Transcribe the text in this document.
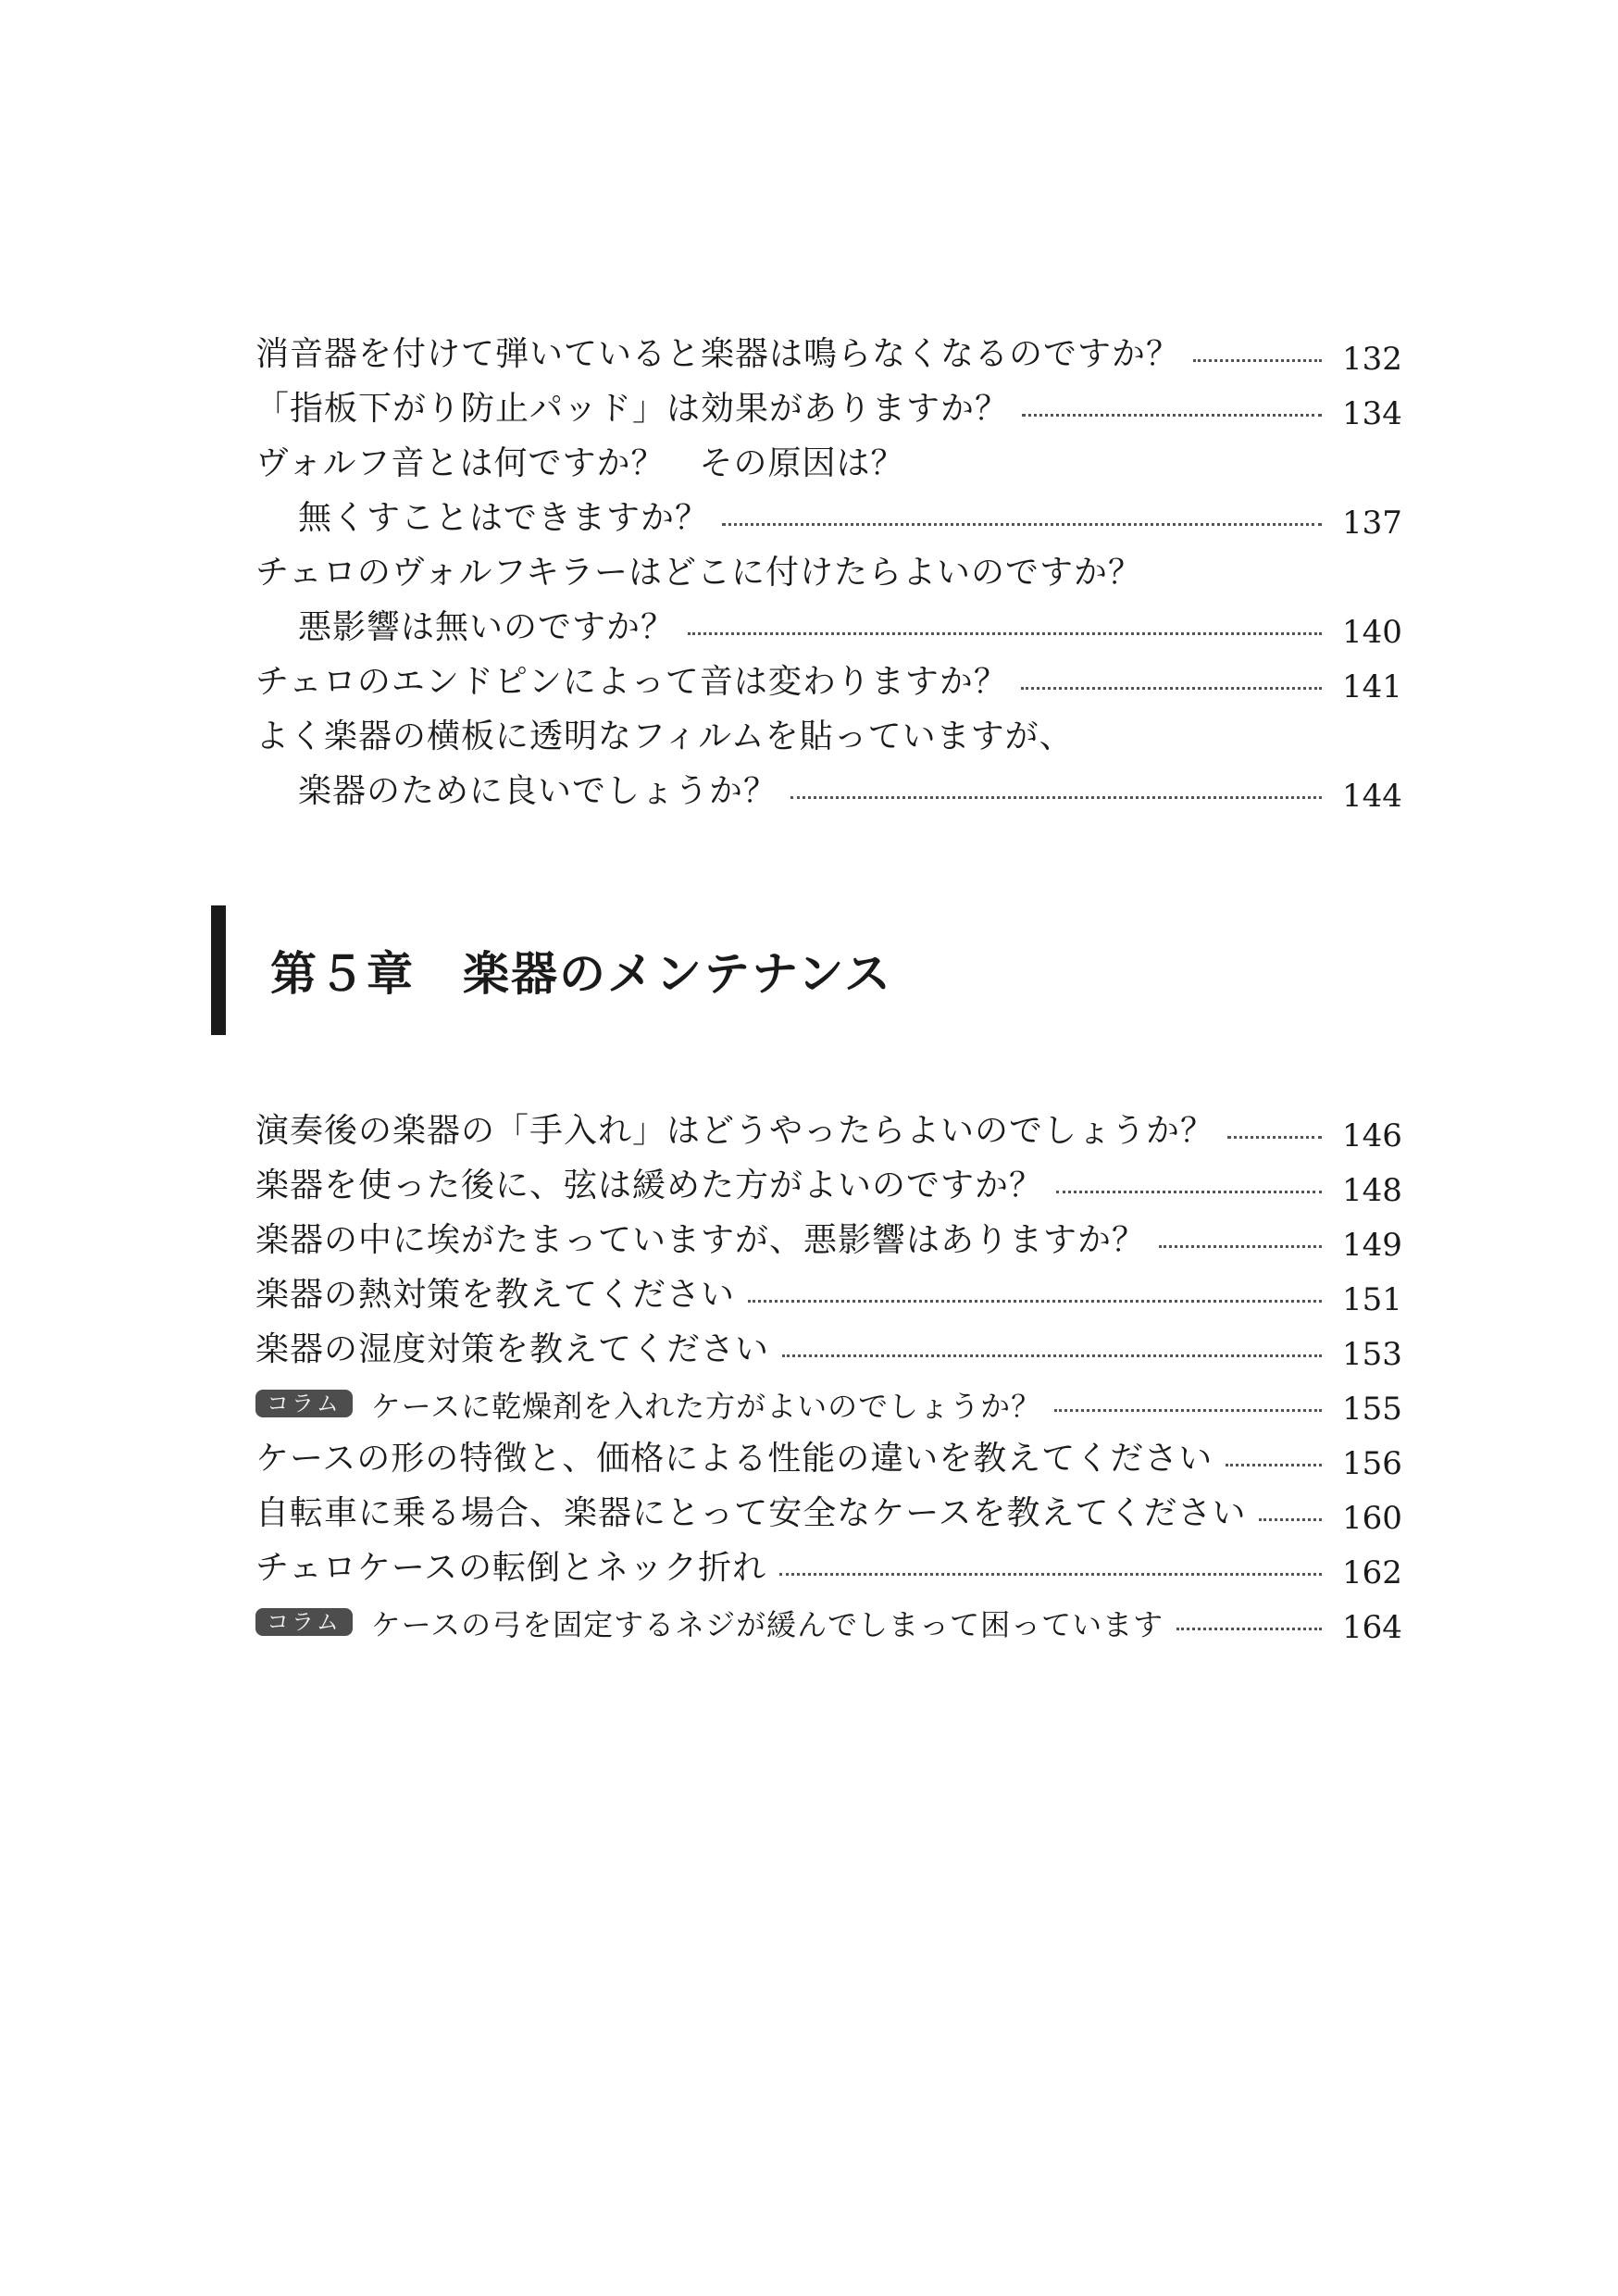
消音器を付けて弾いていると楽器は鳴らなくなるのですか？	132
「指板下がり防止パッド」は効果がありますか？	134
ヴォルフ音とは何ですか？　その原因は？
無くすことはできますか？	137
チェロのヴォルフキラーはどこに付けたらよいのですか？
悪影響は無いのですか？	140
チェロのエンドピンによって音は変わりますか？	141
よく楽器の横板に透明なフィルムを貼っていますが、
楽器のために良いでしょうか？	144
第５章　楽器のメンテナンス
演奏後の楽器の「手入れ」はどうやったらよいのでしょうか？	146
楽器を使った後に、弦は緩めた方がよいのですか？	148
楽器の中に埃がたまっていますが、悪影響はありますか？	149
楽器の熱対策を教えてください	151
楽器の湿度対策を教えてください	153
コラム	ケースに乾燥剤を入れた方がよいのでしょうか？	155
ケースの形の特徴と、価格による性能の違いを教えてください	156
自転車に乗る場合、楽器にとって安全なケースを教えてください	160
チェロケースの転倒とネック折れ	162
コラム	ケースの弓を固定するネジが緩んでしまって困っています	164
